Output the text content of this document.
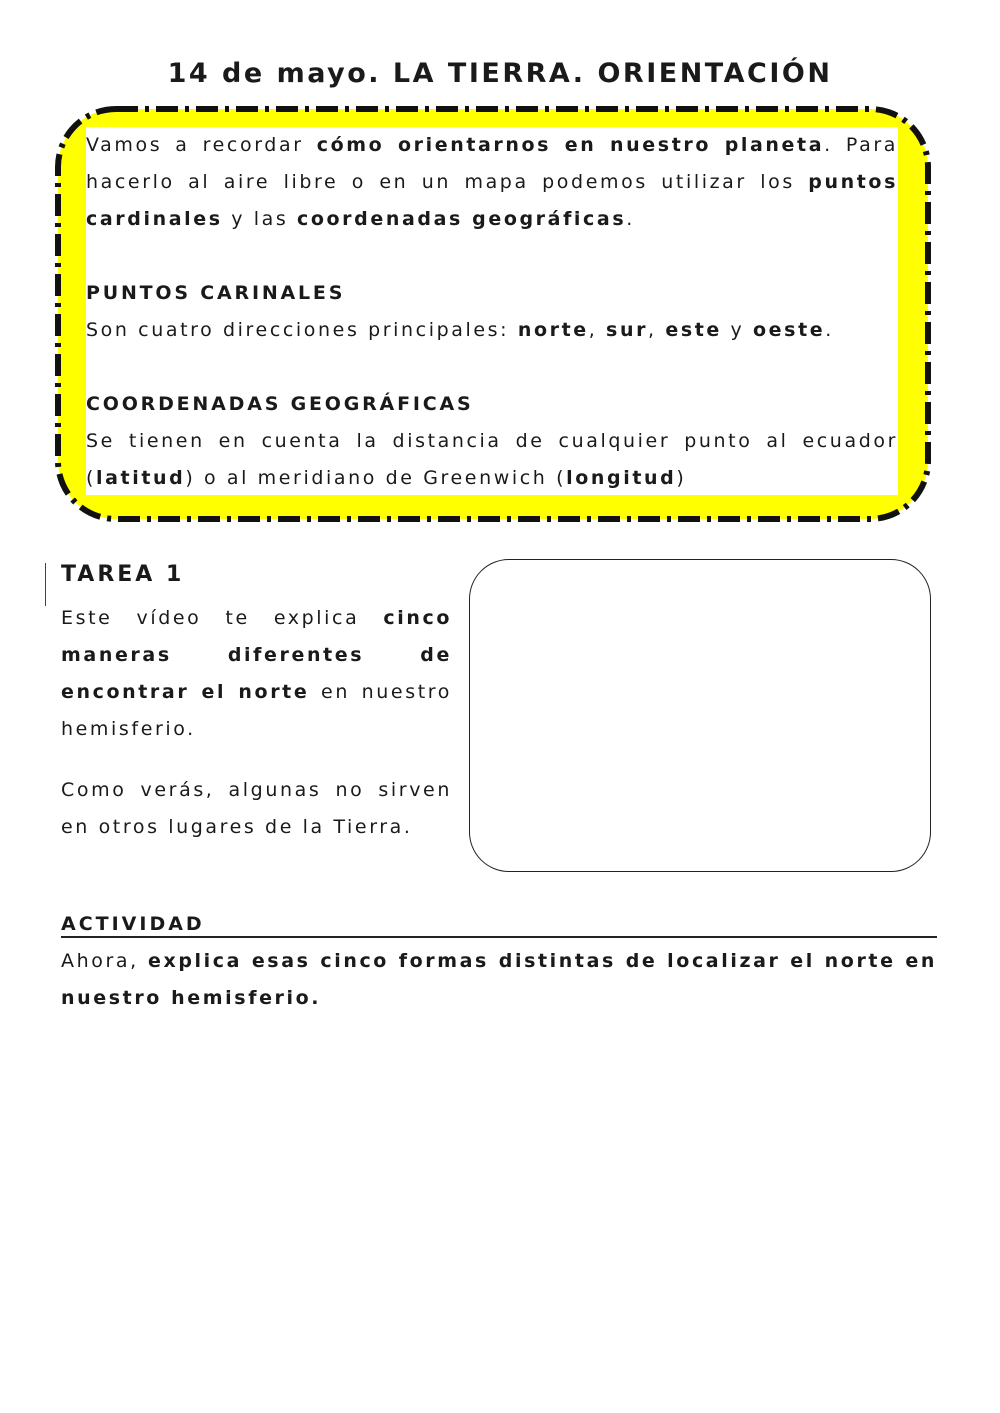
14 de mayo. LA TIERRA. ORIENTACIÓN

Vamos a recordar cómo orientarnos en nuestro planeta. Para hacerlo al aire libre o en un mapa podemos utilizar los puntos cardinales y las coordenadas geográficas.

PUNTOS CARINALES

Son cuatro direcciones principales: norte, sur, este y oeste.

COORDENADAS GEOGRÁFICAS

Se tienen en cuenta la distancia de cualquier punto al ecuador (latitud) o al meridiano de Greenwich (longitud)

TAREA 1

Este vídeo te explica cinco maneras diferentes de encontrar el norte en nuestro hemisferio.

Como verás, algunas no sirven en otros lugares de la Tierra.

ACTIVIDAD

Ahora, explica esas cinco formas distintas de localizar el norte en nuestro hemisferio.
